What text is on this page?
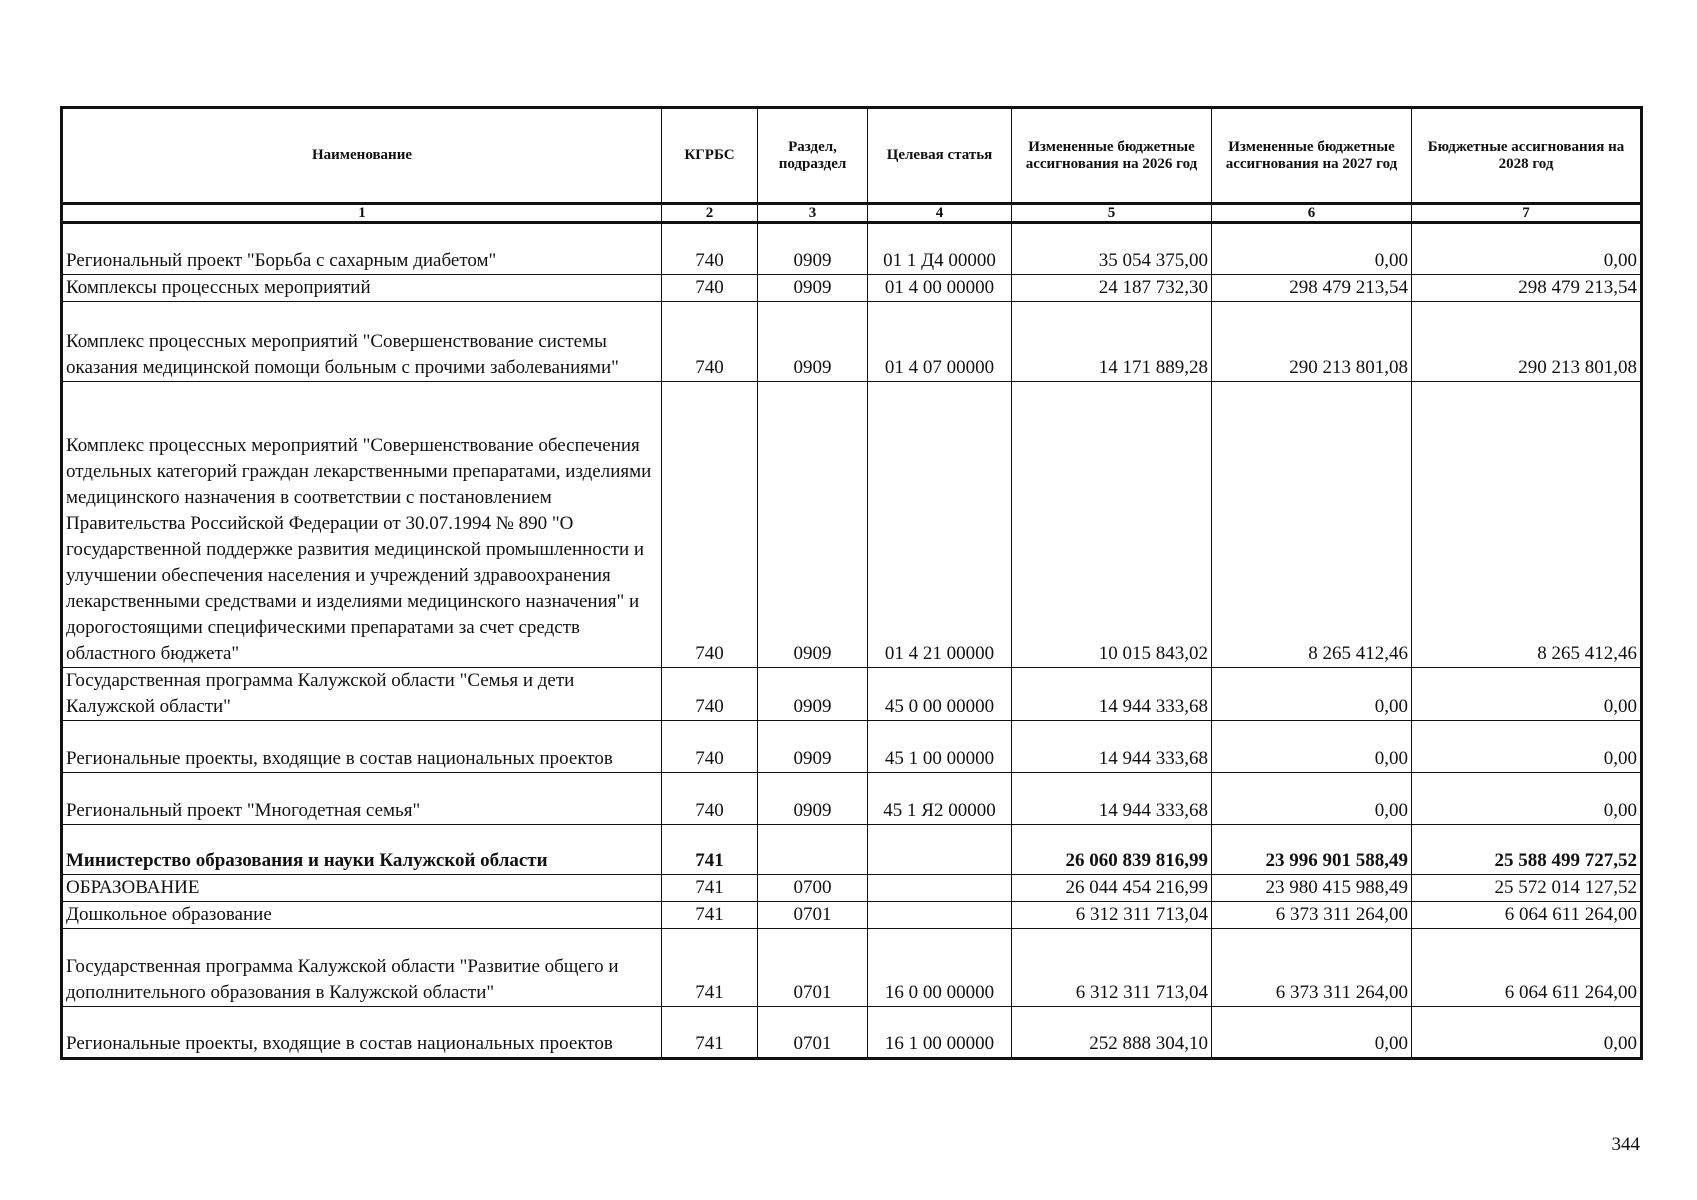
Наименование	КГРБС	Раздел, подраздел	Целевая статья	Измененные бюджетные ассигнования на 2026 год	Измененные бюджетные ассигнования на 2027 год	Бюджетные ассигнования на 2028 год
1	2	3	4	5	6	7
Региональный проект "Борьба с сахарным диабетом"	740	0909	01 1 Д4 00000	35 054 375,00	0,00	0,00
Комплексы процессных мероприятий	740	0909	01 4 00 00000	24 187 732,30	298 479 213,54	298 479 213,54
Комплекс процессных мероприятий "Совершенствование системы оказания медицинской помощи больным с прочими заболеваниями"	740	0909	01 4 07 00000	14 171 889,28	290 213 801,08	290 213 801,08
Комплекс процессных мероприятий "Совершенствование обеспечения отдельных категорий граждан лекарственными препаратами, изделиями медицинского назначения в соответствии с постановлением Правительства Российской Федерации от 30.07.1994 № 890 "О государственной поддержке развития медицинской промышленности и улучшении обеспечения населения и учреждений здравоохранения лекарственными средствами и изделиями медицинского назначения" и дорогостоящими специфическими препаратами за счет средств областного бюджета"	740	0909	01 4 21 00000	10 015 843,02	8 265 412,46	8 265 412,46
Государственная программа Калужской области "Семья и дети Калужской области"	740	0909	45 0 00 00000	14 944 333,68	0,00	0,00
Региональные проекты, входящие в состав национальных проектов	740	0909	45 1 00 00000	14 944 333,68	0,00	0,00
Региональный проект "Многодетная семья"	740	0909	45 1 Я2 00000	14 944 333,68	0,00	0,00
Министерство образования и науки Калужской области	741			26 060 839 816,99	23 996 901 588,49	25 588 499 727,52
ОБРАЗОВАНИЕ	741	0700		26 044 454 216,99	23 980 415 988,49	25 572 014 127,52
Дошкольное образование	741	0701		6 312 311 713,04	6 373 311 264,00	6 064 611 264,00
Государственная программа Калужской области "Развитие общего и дополнительного образования в Калужской области"	741	0701	16 0 00 00000	6 312 311 713,04	6 373 311 264,00	6 064 611 264,00
Региональные проекты, входящие в состав национальных проектов	741	0701	16 1 00 00000	252 888 304,10	0,00	0,00
344
